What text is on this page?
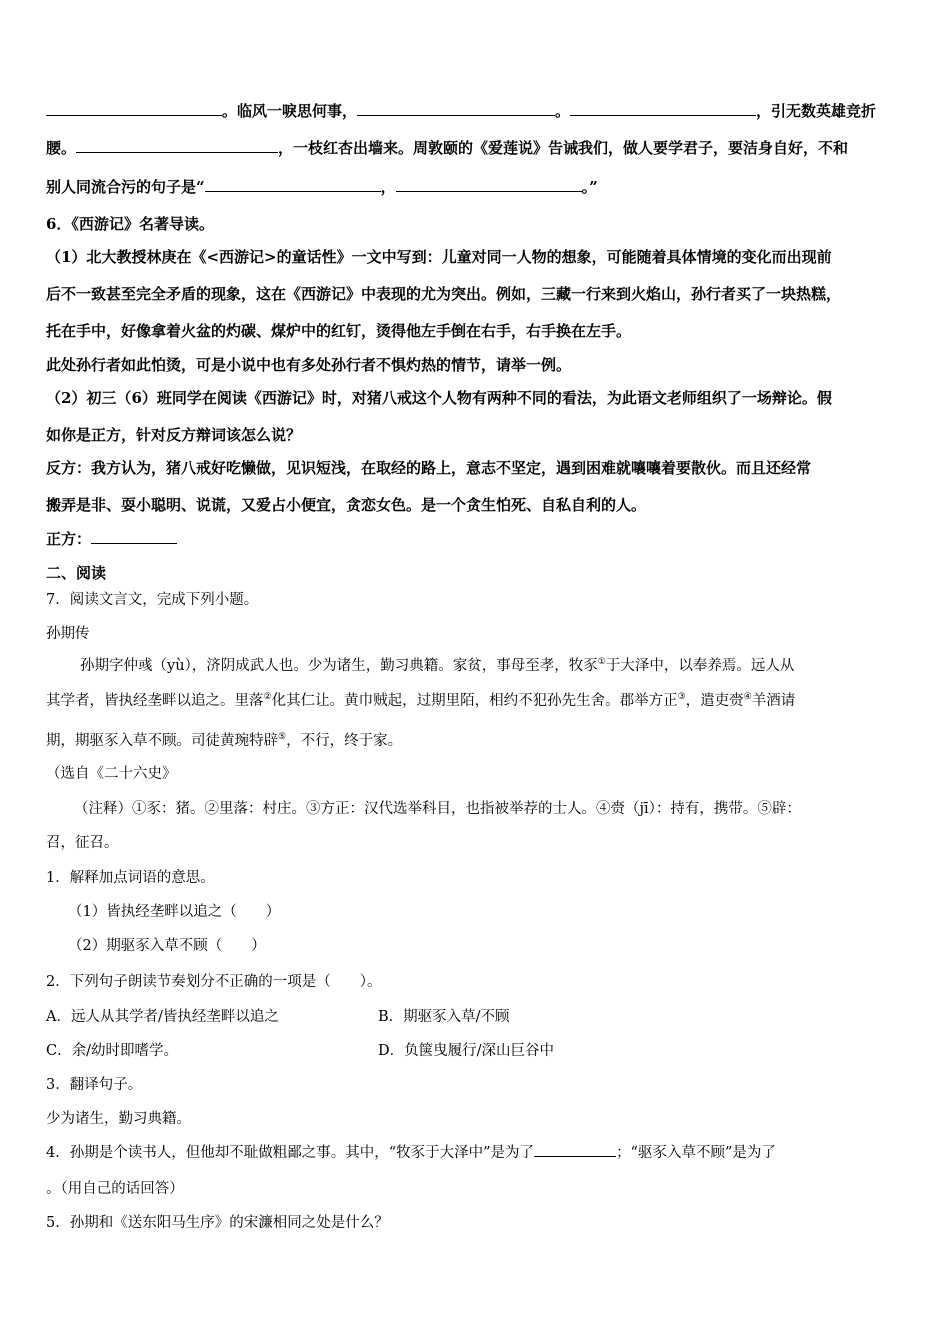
。临风一唳思何事，	。	，引无数英雄竞折
腰。	，一枝红杏出墙来。周敦颐的《爱莲说》告诫我们，做人要学君子，要洁身自好，不和
别人同流合污的句子是“	，	。”
6．《西游记》名著导读。
（1）北大教授林庚在《<西游记>的童话性》一文中写到：儿童对同一人物的想象，可能随着具体情境的变化而出现前
后不一致甚至完全矛盾的现象，这在《西游记》中表现的尤为突出。例如，三藏一行来到火焰山，孙行者买了一块热糕，
托在手中，好像拿着火盆的灼碳、煤炉中的红钉，烫得他左手倒在右手，右手换在左手。
此处孙行者如此怕烫，可是小说中也有多处孙行者不惧灼热的情节，请举一例。
（2）初三（6）班同学在阅读《西游记》时，对猪八戒这个人物有两种不同的看法，为此语文老师组织了一场辩论。假
如你是正方，针对反方辩词该怎么说？
反方：我方认为，猪八戒好吃懒做，见识短浅，在取经的路上，意志不坚定，遇到困难就嚷嚷着要散伙。而且还经常
搬弄是非、耍小聪明、说谎，又爱占小便宜，贪恋女色。是一个贪生怕死、自私自利的人。
正方：
二、阅读
7．阅读文言文，完成下列小题。
孙期传
孙期字仲彧（yù），济阴成武人也。少为诸生，勤习典籍。家贫，事母至孝，牧豕①于大泽中，以奉养焉。远人从
其学者，皆执经垄畔以追之。里落②化其仁让。黄巾贼起，过期里陌，相约不犯孙先生舍。郡举方正③，遣吏赍④羊酒请
期，期驱豕入草不顾。司徒黄琬特辟⑤，不行，终于家。
（选自《二十六史》
（注释）①豕：猪。②里落：村庄。③方正：汉代选举科目，也指被举荐的士人。④赍（jī）：持有，携带。⑤辟：
召，征召。
1．解释加点词语的意思。
（1）皆执经垄畔以追之（　　）
（2）期驱豕入草不顾（　　）
2．下列句子朗读节奏划分不正确的一项是（　　）。
A．远人从其学者/皆执经垄畔以追之	B．期驱豕入草/不顾
C．余/幼时即嗜学。	D．负箧曳履行/深山巨谷中
3．翻译句子。
少为诸生，勤习典籍。
4．孙期是个读书人，但他却不耻做粗鄙之事。其中，“牧豕于大泽中”是为了	；“驱豕入草不顾”是为了
。（用自己的话回答）
5．孙期和《送东阳马生序》的宋濂相同之处是什么？
